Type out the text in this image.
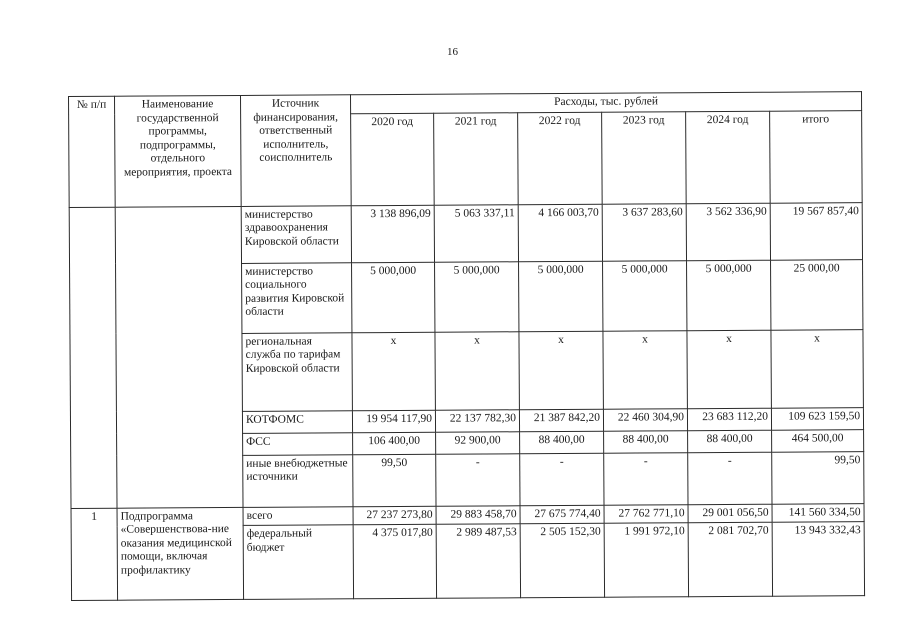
16
№ п/п	Наименование государственной программы, подпрограммы, отдельного мероприятия, проекта	Источник финансирования, ответственный исполнитель, соисполнитель	Расходы, тыс. рублей					
			2020 год	2021 год	2022 год	2023 год	2024 год	итого
		министерство здравоохранения Кировской области	3 138 896,09	5 063 337,11	4 166 003,70	3 637 283,60	3 562 336,90	19 567 857,40
		министерство социального развития Кировской области	5 000,000	5 000,000	5 000,000	5 000,000	5 000,000	25 000,00
		региональная служба по тарифам Кировской области	x	x	x	x	x	x
		КОТФОМС	19 954 117,90	22 137 782,30	21 387 842,20	22 460 304,90	23 683 112,20	109 623 159,50
		ФСС	106 400,00	92 900,00	88 400,00	88 400,00	88 400,00	464 500,00
		иные внебюджетные источники	99,50	-	-	-	-	99,50
1	Подпрограмма «Совершенствова-ние оказания медицинской помощи, включая профилактику	всего	27 237 273,80	29 883 458,70	27 675 774,40	27 762 771,10	29 001 056,50	141 560 334,50
		федеральный бюджет	4 375 017,80	2 989 487,53	2 505 152,30	1 991 972,10	2 081 702,70	13 943 332,43
